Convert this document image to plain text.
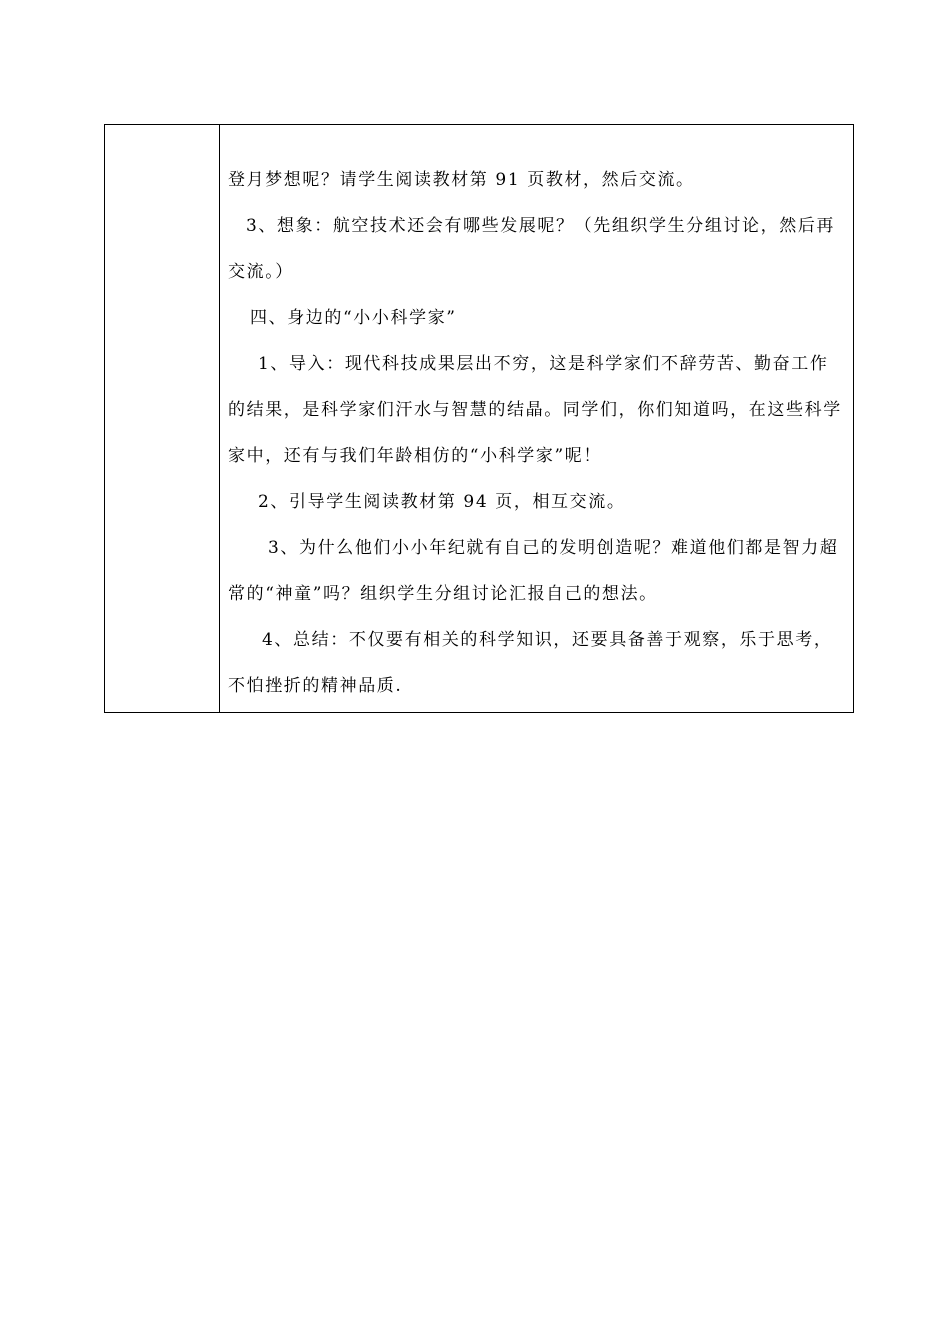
登月梦想呢？请学生阅读教材第 91 页教材，然后交流。

3、想象：航空技术还会有哪些发展呢？（先组织学生分组讨论，然后再交流。）

四、身边的“小小科学家”

1、导入：现代科技成果层出不穷，这是科学家们不辞劳苦、勤奋工作的结果，是科学家们汗水与智慧的结晶。同学们，你们知道吗，在这些科学家中，还有与我们年龄相仿的“小科学家”呢！

2、引导学生阅读教材第 94 页，相互交流。

3、为什么他们小小年纪就有自己的发明创造呢？难道他们都是智力超常的“神童”吗？组织学生分组讨论汇报自己的想法。

4、总结：不仅要有相关的科学知识，还要具备善于观察，乐于思考，不怕挫折的精神品质.
